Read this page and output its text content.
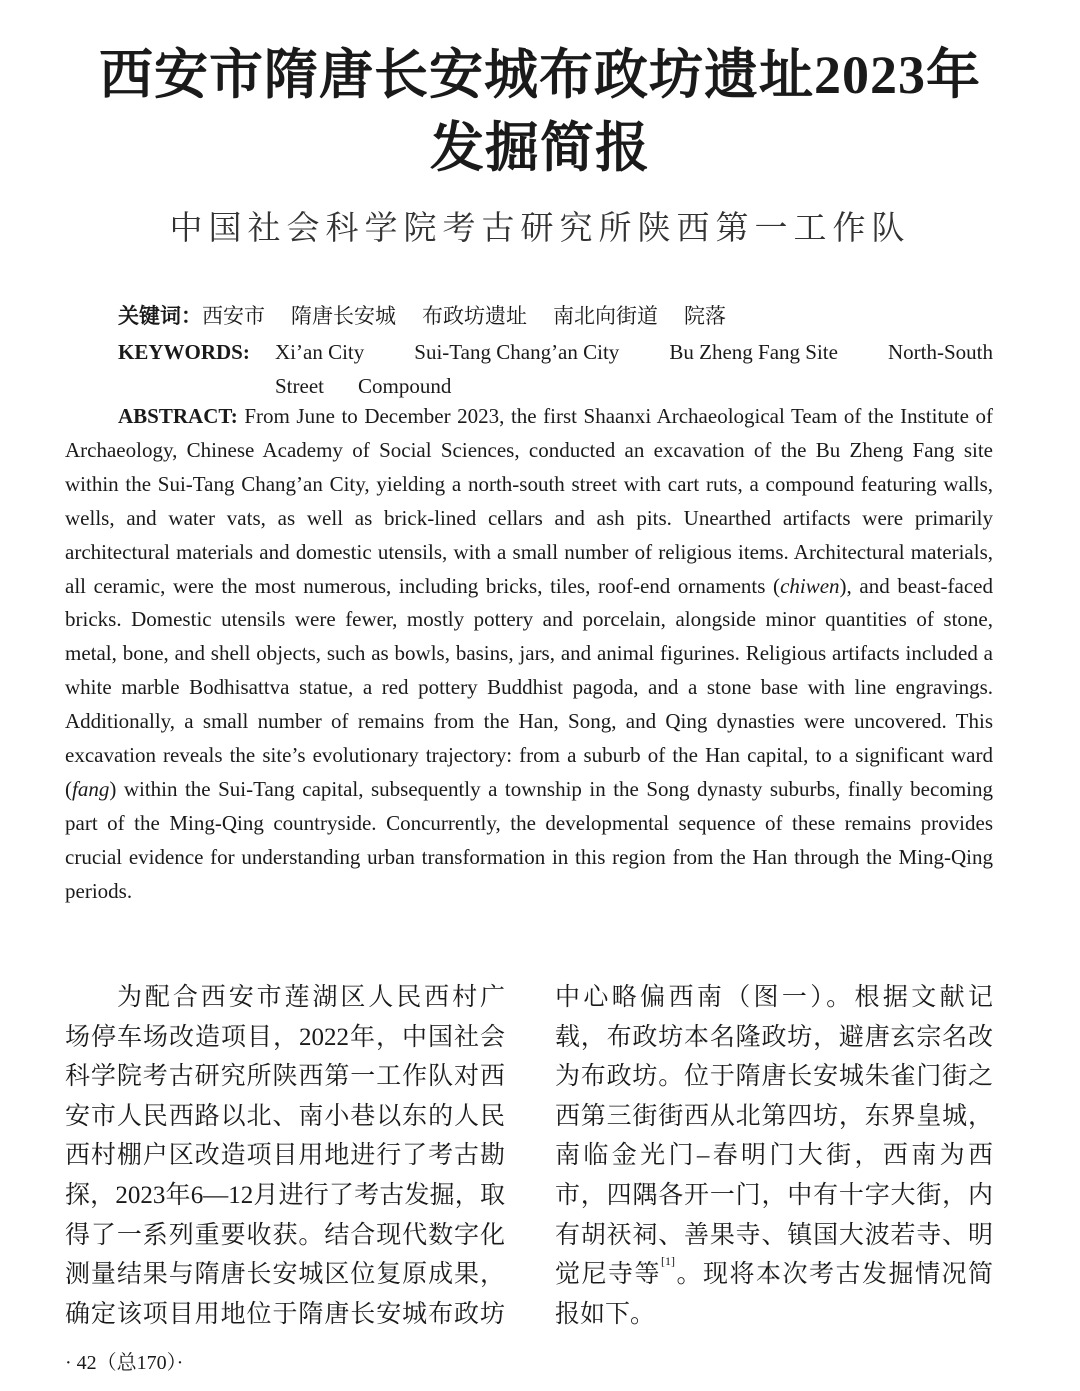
西安市隋唐长安城布政坊遗址2023年
发掘简报
中国社会科学院考古研究所陕西第一工作队
关键词：西安市 隋唐长安城 布政坊遗址 南北向街道 院落
KEYWORDS: Xi’an City Sui-Tang Chang’an City Bu Zheng Fang Site North-South
Street Compound
ABSTRACT: From June to December 2023, the first Shaanxi Archaeological Team of the Institute of Archaeology, Chinese Academy of Social Sciences, conducted an excavation of the Bu Zheng Fang site within the Sui-Tang Chang’an City, yielding a north-south street with cart ruts, a compound featuring walls, wells, and water vats, as well as brick-lined cellars and ash pits. Unearthed artifacts were primarily architectural materials and domestic utensils, with a small number of religious items. Architectural materials, all ceramic, were the most numerous, including bricks, tiles, roof-end ornaments (chiwen), and beast-faced bricks. Domestic utensils were fewer, mostly pottery and porcelain, alongside minor quantities of stone, metal, bone, and shell objects, such as bowls, basins, jars, and animal figurines. Religious artifacts included a white marble Bodhisattva statue, a red pottery Buddhist pagoda, and a stone base with line engravings. Additionally, a small number of remains from the Han, Song, and Qing dynasties were uncovered. This excavation reveals the site’s evolutionary trajectory: from a suburb of the Han capital, to a significant ward (fang) within the Sui-Tang capital, subsequently a township in the Song dynasty suburbs, finally becoming part of the Ming-Qing countryside. Concurrently, the developmental sequence of these remains provides crucial evidence for understanding urban transformation in this region from the Han through the Ming-Qing periods.
为配合西安市莲湖区人民西村广
场停车场改造项目，2022年，中国社会
科学院考古研究所陕西第一工作队对西
安市人民西路以北、南小巷以东的人民
西村棚户区改造项目用地进行了考古勘
探，2023年6—12月进行了考古发掘，取
得了一系列重要收获。结合现代数字化
测量结果与隋唐长安城区位复原成果，
确定该项目用地位于隋唐长安城布政坊
中心略偏西南（图一）。根据文献记
载，布政坊本名隆政坊，避唐玄宗名改
为布政坊。位于隋唐长安城朱雀门街之
西第三街街西从北第四坊，东界皇城，
南临金光门–春明门大街，西南为西
市，四隅各开一门，中有十字大街，内
有胡祆祠、善果寺、镇国大波若寺、明
觉尼寺等[1]。现将本次考古发掘情况简
报如下。
· 42（总170）·
